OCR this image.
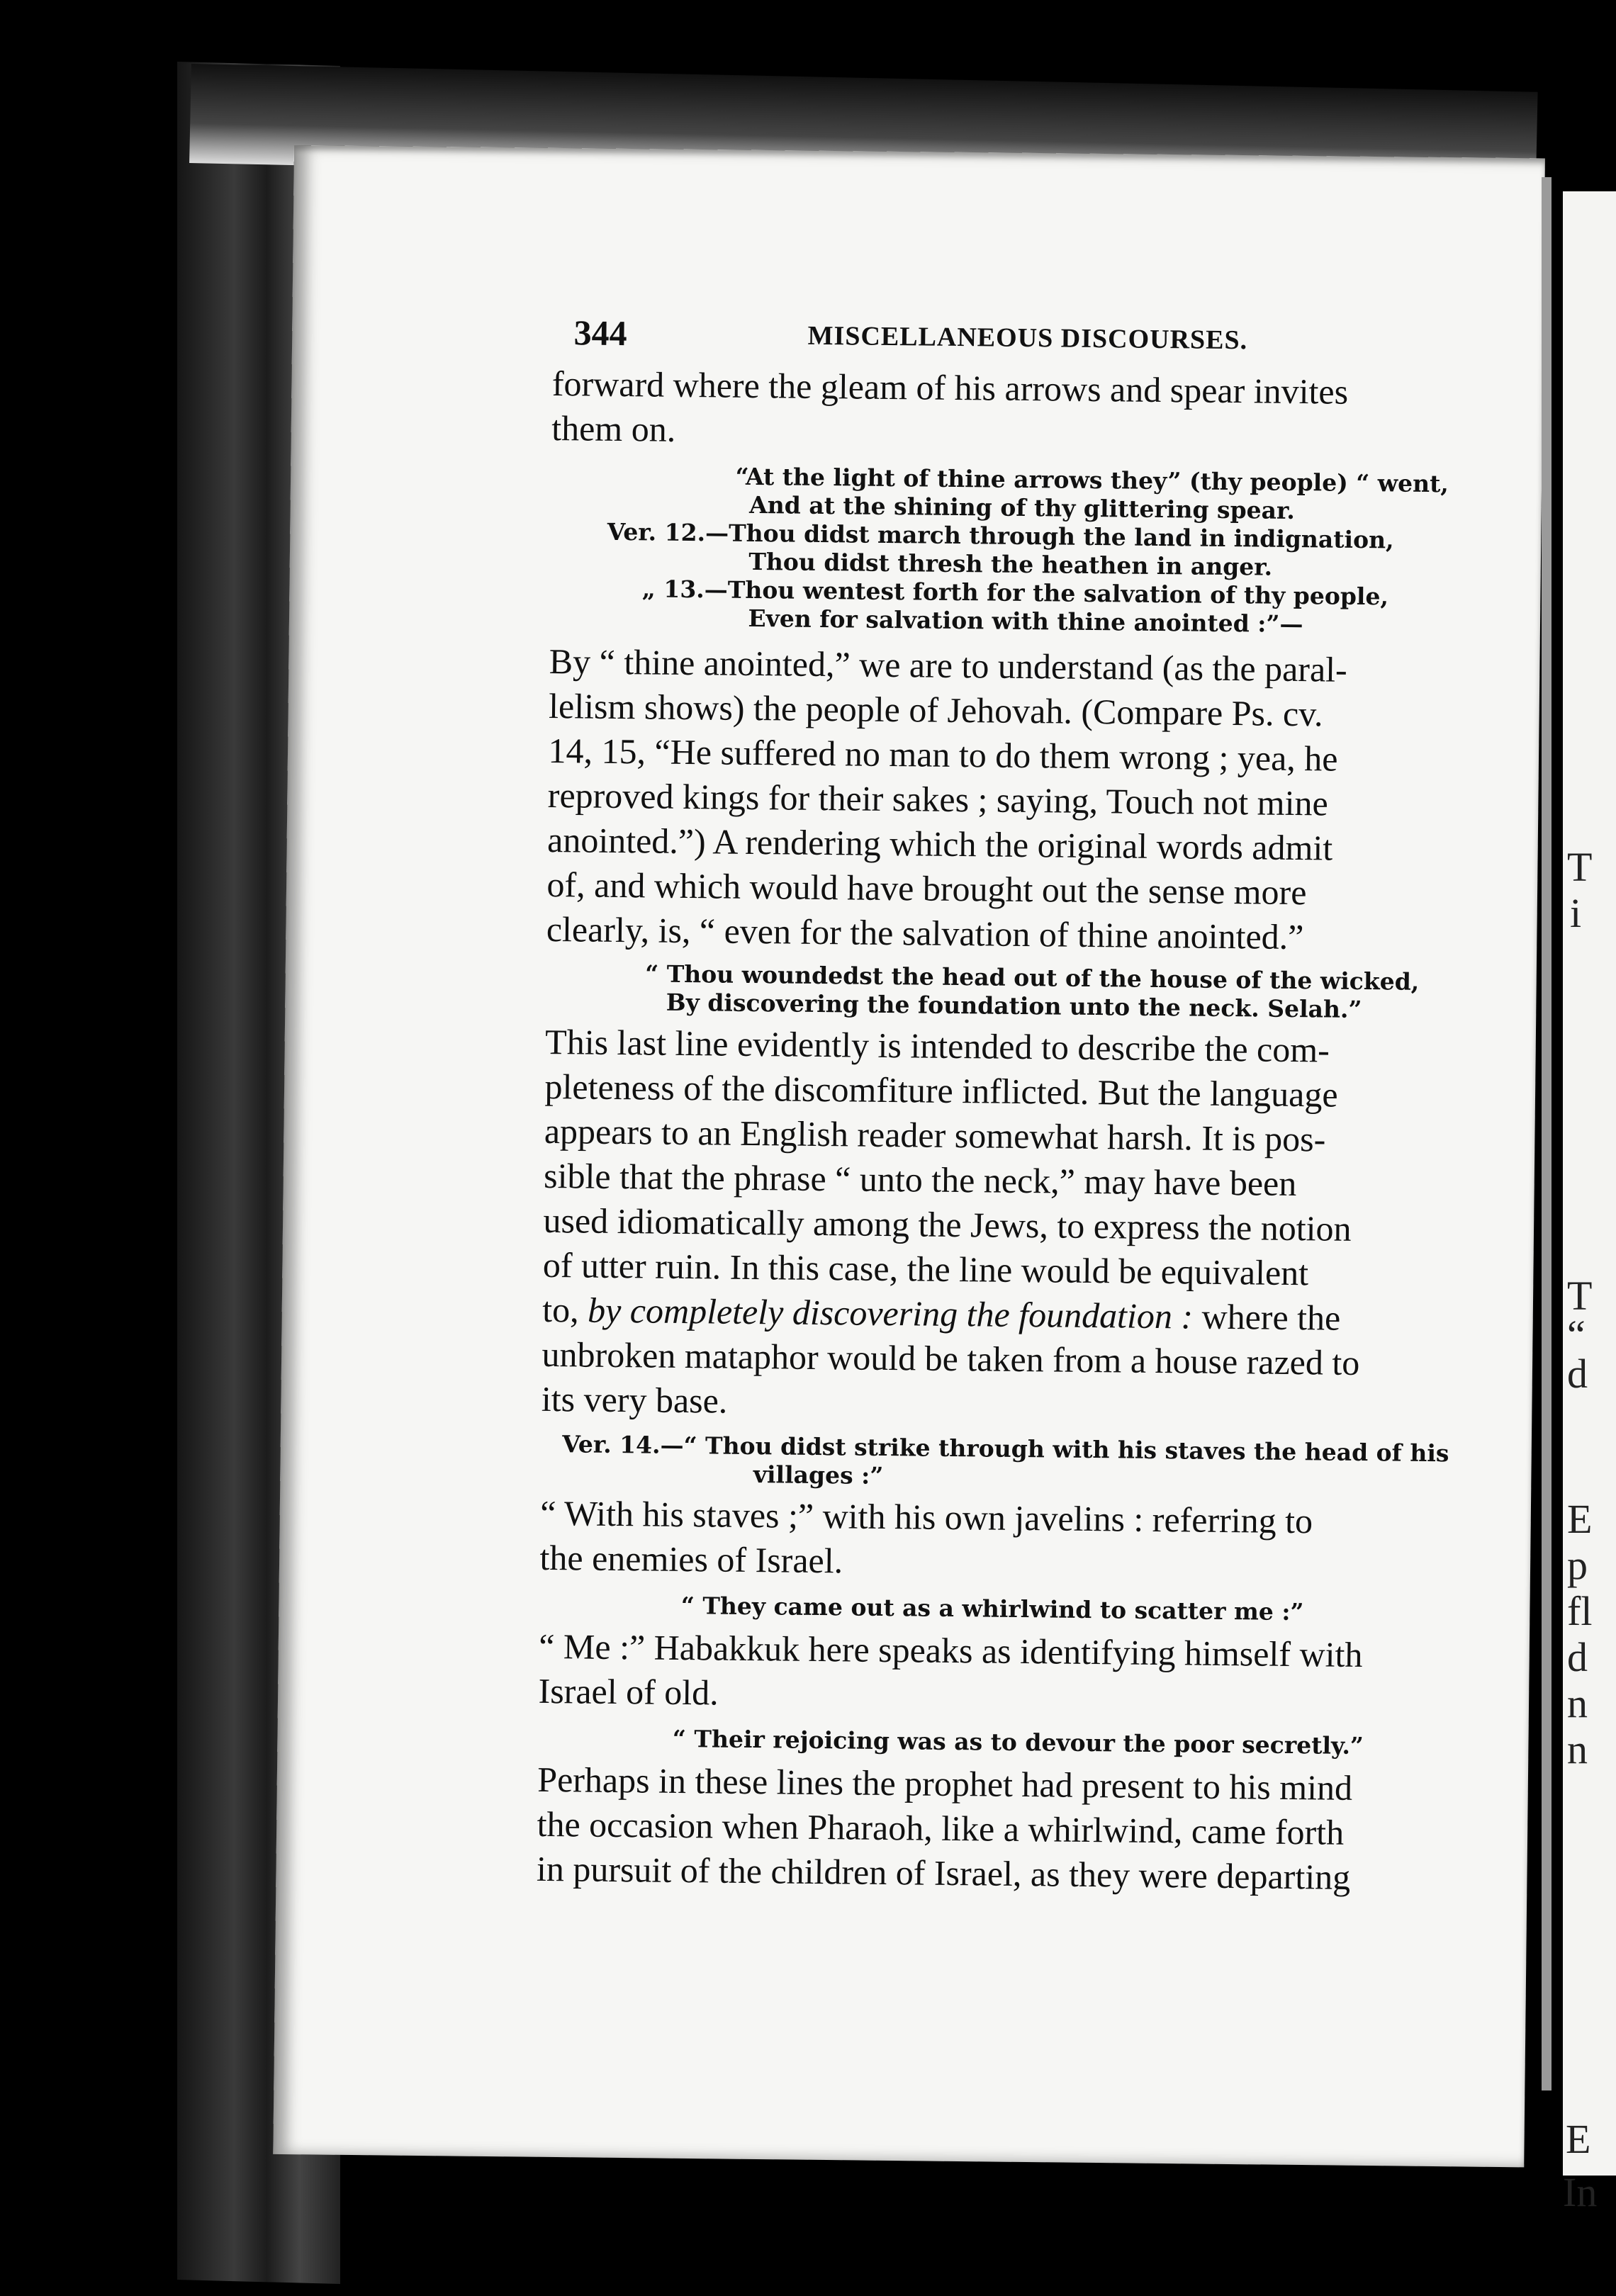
T
i
T
“
d
E
p
fl
d
n
n
E
In
344	MISCELLANEOUS DISCOURSES.
forward where the gleam of his arrows and spear invites
them on.
“At the light of thine arrows they” (thy people) “ went,
And at the shining of thy glittering spear.
Ver. 12.—Thou didst march through the land in indignation,
Thou didst thresh the heathen in anger.
„ 13.—Thou wentest forth for the salvation of thy people,
Even for salvation with thine anointed :”—
By “ thine anointed,” we are to understand (as the paral-
lelism shows) the people of Jehovah. (Compare Ps. cv.
14, 15, “He suffered no man to do them wrong ; yea, he
reproved kings for their sakes ; saying, Touch not mine
anointed.”) A rendering which the original words admit
of, and which would have brought out the sense more
clearly, is, “ even for the salvation of thine anointed.”
“ Thou woundedst the head out of the house of the wicked,
By discovering the foundation unto the neck. Selah.”
This last line evidently is intended to describe the com-
pleteness of the discomfiture inflicted. But the language
appears to an English reader somewhat harsh. It is pos-
sible that the phrase “ unto the neck,” may have been
used idiomatically among the Jews, to express the notion
of utter ruin. In this case, the line would be equivalent
to, by completely discovering the foundation : where the
unbroken mataphor would be taken from a house razed to
its very base.
Ver. 14.—“ Thou didst strike through with his staves the head of his
villages :”
“ With his staves ;” with his own javelins : referring to
the enemies of Israel.
“ They came out as a whirlwind to scatter me :”
“ Me :” Habakkuk here speaks as identifying himself with
Israel of old.
“ Their rejoicing was as to devour the poor secretly.”
Perhaps in these lines the prophet had present to his mind
the occasion when Pharaoh, like a whirlwind, came forth
in pursuit of the children of Israel, as they were departing
